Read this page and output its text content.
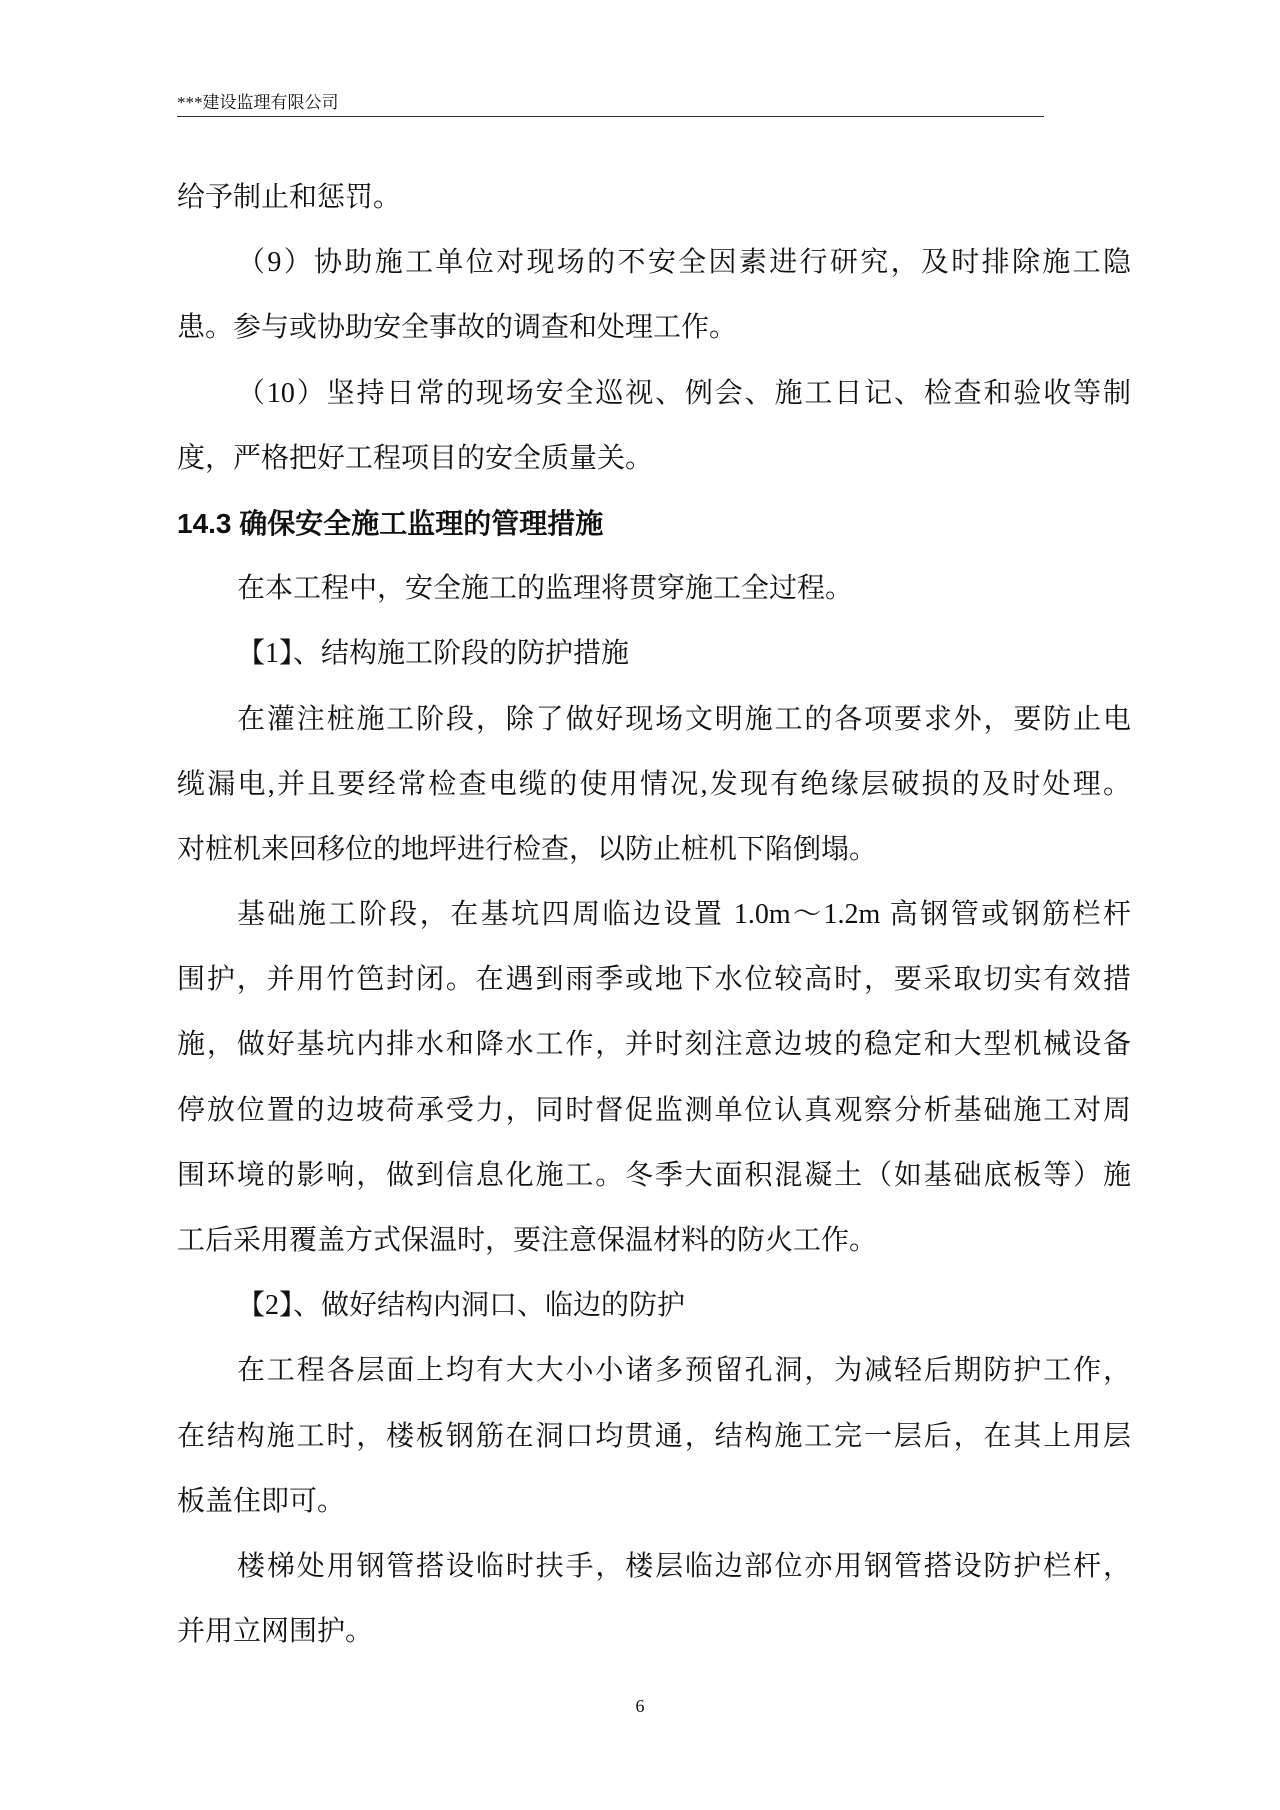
***建设监理有限公司
给予制止和惩罚。
（9）协助施工单位对现场的不安全因素进行研究，及时排除施工隐
患。参与或协助安全事故的调查和处理工作。
（10）坚持日常的现场安全巡视、例会、施工日记、检查和验收等制
度，严格把好工程项目的安全质量关。
14.3 确保安全施工监理的管理措施
在本工程中，安全施工的监理将贯穿施工全过程。
【1】、结构施工阶段的防护措施
在灌注桩施工阶段，除了做好现场文明施工的各项要求外，要防止电
缆漏电,并且要经常检查电缆的使用情况,发现有绝缘层破损的及时处理。
对桩机来回移位的地坪进行检查，以防止桩机下陷倒塌。
基础施工阶段，在基坑四周临边设置 1.0m～1.2m 高钢管或钢筋栏杆
围护，并用竹笆封闭。在遇到雨季或地下水位较高时，要采取切实有效措
施，做好基坑内排水和降水工作，并时刻注意边坡的稳定和大型机械设备
停放位置的边坡荷承受力，同时督促监测单位认真观察分析基础施工对周
围环境的影响，做到信息化施工。冬季大面积混凝土（如基础底板等）施
工后采用覆盖方式保温时，要注意保温材料的防火工作。
【2】、做好结构内洞口、临边的防护
在工程各层面上均有大大小小诸多预留孔洞，为减轻后期防护工作，
在结构施工时，楼板钢筋在洞口均贯通，结构施工完一层后，在其上用层
板盖住即可。
楼梯处用钢管搭设临时扶手，楼层临边部位亦用钢管搭设防护栏杆，
并用立网围护。
6
